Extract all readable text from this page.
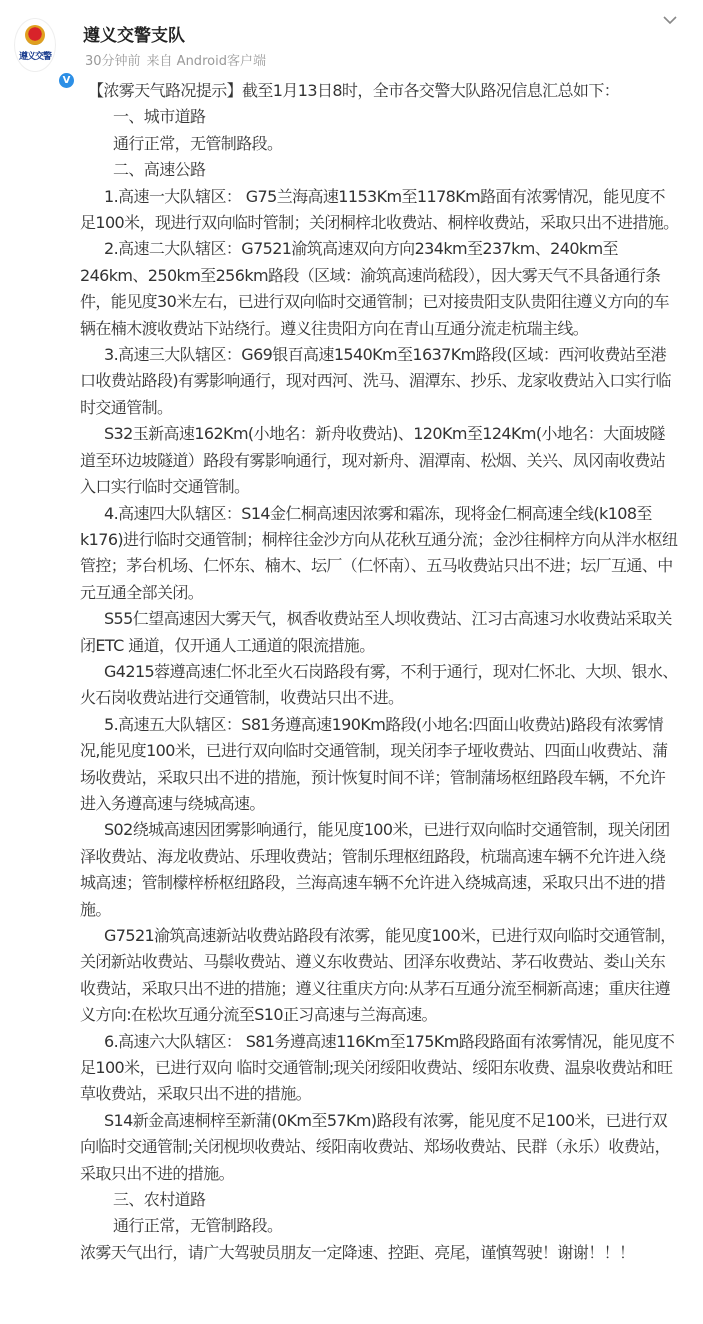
遵义交警
V
遵义交警支队
30分钟前 来自 Android客户端

【浓雾天气路况提示】截至1月13日8时，全市各交警大队路况信息汇总如下：

一、城市道路

通行正常，无管制路段。

二、高速公路

1.高速一大队辖区： G75兰海高速1153Km至1178Km路面有浓雾情况，能见度不足100米，现进行双向临时管制；关闭桐梓北收费站、桐梓收费站，采取只出不进措施。

2.高速二大队辖区：G7521渝筑高速双向方向234km至237km、240km至246km、250km至256km路段（区域：渝筑高速尚嵇段），因大雾天气不具备通行条件，能见度30米左右，已进行双向临时交通管制；已对接贵阳支队贵阳往遵义方向的车辆在楠木渡收费站下站绕行。遵义往贵阳方向在青山互通分流走杭瑞主线。

3.高速三大队辖区：G69银百高速1540Km至1637Km路段(区域：西河收费站至港口收费站路段)有雾影响通行，现对西河、洗马、湄潭东、抄乐、龙家收费站入口实行临时交通管制。

S32玉新高速162Km(小地名：新舟收费站)、120Km至124Km(小地名：大面坡隧道至环边坡隧道）路段有雾影响通行，现对新舟、湄潭南、松烟、关兴、凤冈南收费站入口实行临时交通管制。

4.高速四大队辖区：S14金仁桐高速因浓雾和霜冻，现将金仁桐高速全线(k108至k176)进行临时交通管制；桐梓往金沙方向从花秋互通分流；金沙往桐梓方向从泮水枢纽管控；茅台机场、仁怀东、楠木、坛厂（仁怀南）、五马收费站只出不进；坛厂互通、中元互通全部关闭。

S55仁望高速因大雾天气，枫香收费站至人坝收费站、江习古高速习水收费站采取关闭ETC 通道，仅开通人工通道的限流措施。

G4215蓉遵高速仁怀北至火石岗路段有雾，不利于通行，现对仁怀北、大坝、银水、火石岗收费站进行交通管制，收费站只出不进。

5.高速五大队辖区：S81务遵高速190Km路段(小地名:四面山收费站)路段有浓雾情况,能见度100米，已进行双向临时交通管制，现关闭李子垭收费站、四面山收费站、蒲场收费站，采取只出不进的措施，预计恢复时间不详；管制蒲场枢纽路段车辆，不允许进入务遵高速与绕城高速。

S02绕城高速因团雾影响通行，能见度100米，已进行双向临时交通管制，现关闭团泽收费站、海龙收费站、乐理收费站；管制乐理枢纽路段，杭瑞高速车辆不允许进入绕城高速；管制檬梓桥枢纽路段，兰海高速车辆不允许进入绕城高速，采取只出不进的措施。

G7521渝筑高速新站收费站路段有浓雾，能见度100米，已进行双向临时交通管制，关闭新站收费站、马鬃收费站、遵义东收费站、团泽东收费站、茅石收费站、娄山关东收费站，采取只出不进的措施；遵义往重庆方向:从茅石互通分流至桐新高速；重庆往遵义方向:在松坎互通分流至S10正习高速与兰海高速。

6.高速六大队辖区： S81务遵高速116Km至175Km路段路面有浓雾情况，能见度不足100米，已进行双向 临时交通管制;现关闭绥阳收费站、绥阳东收费、温泉收费站和旺草收费站，采取只出不进的措施。

S14新金高速桐梓至新蒲(0Km至57Km)路段有浓雾，能见度不足100米，已进行双向临时交通管制;关闭枧坝收费站、绥阳南收费站、郑场收费站、民群（永乐）收费站，采取只出不进的措施。

三、农村道路

通行正常，无管制路段。

浓雾天气出行，请广大驾驶员朋友一定降速、控距、亮尾，谨慎驾驶！谢谢！！！
